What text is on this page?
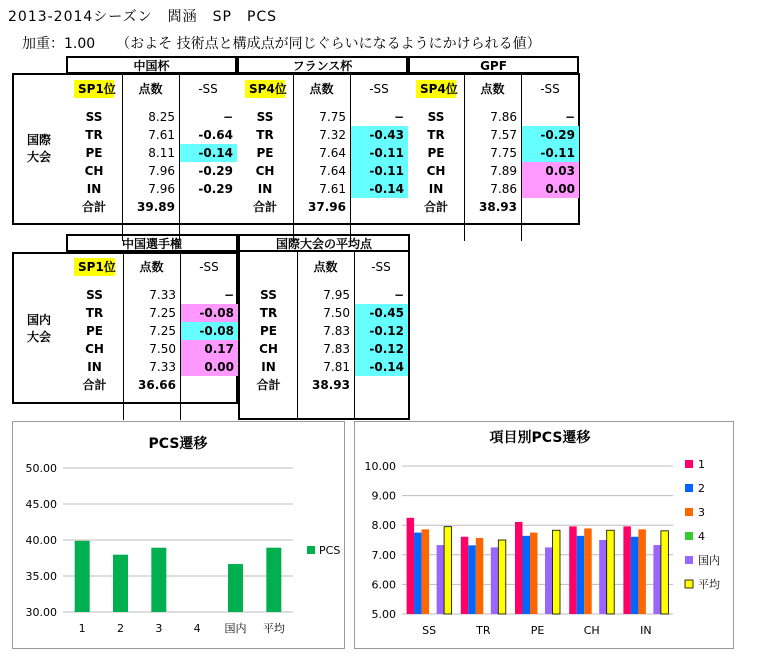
2013-2014シーズン　閻涵　SP　PCS
加重：1.00　　（およそ 技術点と構成点が同じぐらいになるようにかけられる値）
国際
大会
中国杯
SP1位	点数	-SS
SS	8.25	−
TR	7.61	-0.64
PE	8.11	-0.14
CH	7.96	-0.29
IN	7.96	-0.29
合計	39.89
フランス杯
SP4位	点数	-SS
SS	7.75	−
TR	7.32	-0.43
PE	7.64	-0.11
CH	7.64	-0.11
IN	7.61	-0.14
合計	37.96
GPF
SP4位	点数	-SS
SS	7.86	−
TR	7.57	-0.29
PE	7.75	-0.11
CH	7.89	0.03
IN	7.86	0.00
合計	38.93
国内
大会
中国選手権
SP1位	点数	-SS
SS	7.33	−
TR	7.25	-0.08
PE	7.25	-0.08
CH	7.50	0.17
IN	7.33	0.00
合計	36.66
国際大会の平均点
点数	-SS
SS	7.95	−
TR	7.50	-0.45
PE	7.83	-0.12
CH	7.83	-0.12
IN	7.81	-0.14
合計	38.93
PCS遷移
30.00
35.00
40.00
45.00
50.00
1	2	3	4 国内 平均
PCS
項目別PCS遷移
5.00
6.00
7.00
8.00
9.00
10.00
SS	TR	PE	CH	IN
1
2
3
4
国内
平均
